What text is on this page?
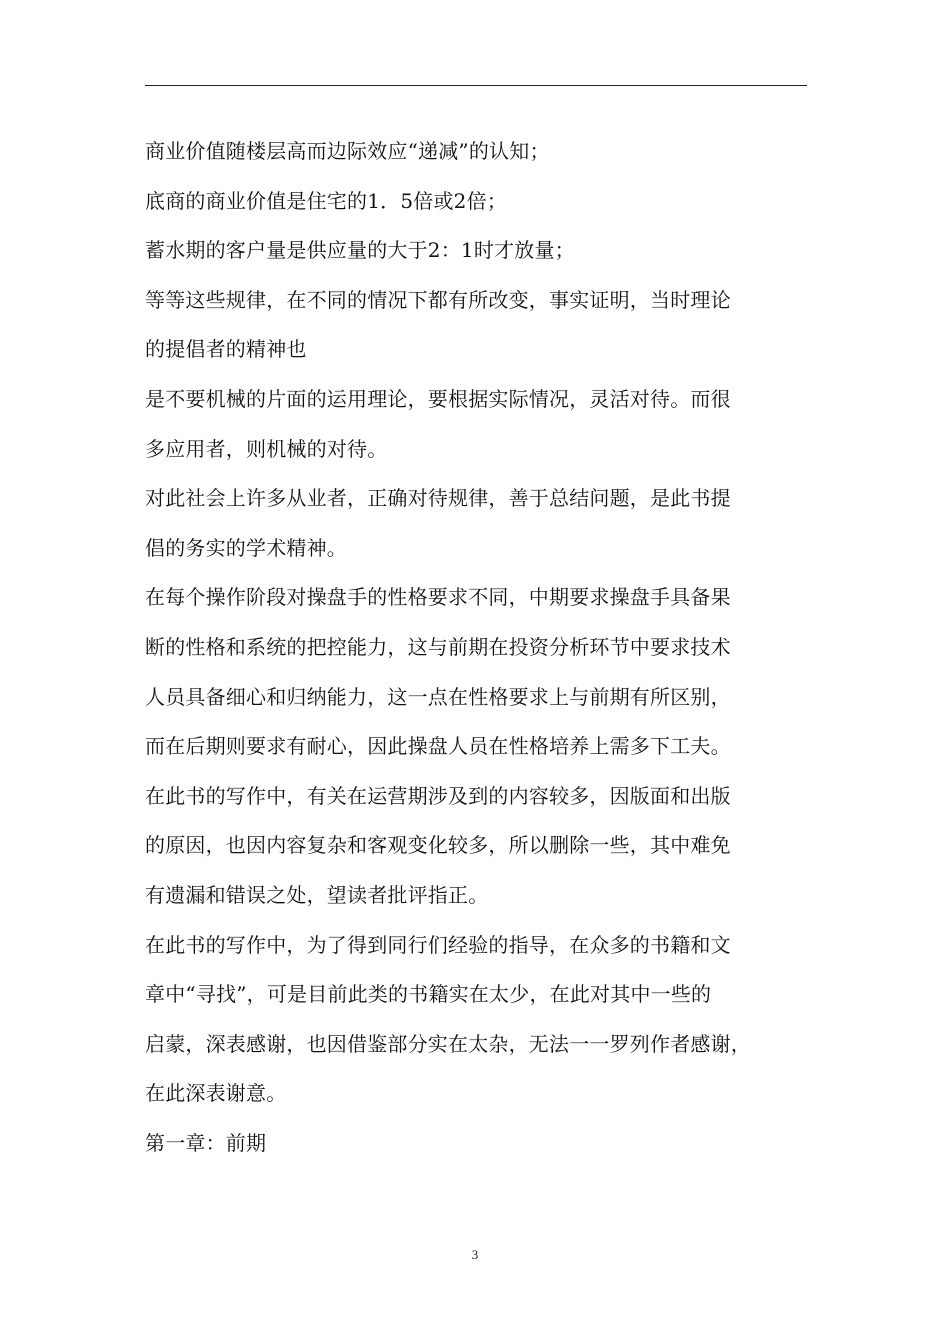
商业价值随楼层高而边际效应“递减”的认知；
底商的商业价值是住宅的1．5倍或2倍；
蓄水期的客户量是供应量的大于2：1时才放量；
等等这些规律，在不同的情况下都有所改变，事实证明，当时理论
的提倡者的精神也
是不要机械的片面的运用理论，要根据实际情况，灵活对待。而很
多应用者，则机械的对待。
对此社会上许多从业者，正确对待规律，善于总结问题，是此书提
倡的务实的学术精神。
在每个操作阶段对操盘手的性格要求不同，中期要求操盘手具备果
断的性格和系统的把控能力，这与前期在投资分析环节中要求技术
人员具备细心和归纳能力，这一点在性格要求上与前期有所区别，
而在后期则要求有耐心，因此操盘人员在性格培养上需多下工夫。
在此书的写作中，有关在运营期涉及到的内容较多，因版面和出版
的原因，也因内容复杂和客观变化较多，所以删除一些，其中难免
有遗漏和错误之处，望读者批评指正。
在此书的写作中，为了得到同行们经验的指导，在众多的书籍和文
章中“寻找”，可是目前此类的书籍实在太少，在此对其中一些的
启蒙，深表感谢，也因借鉴部分实在太杂，无法一一罗列作者感谢，
在此深表谢意。
第一章：前期
3
